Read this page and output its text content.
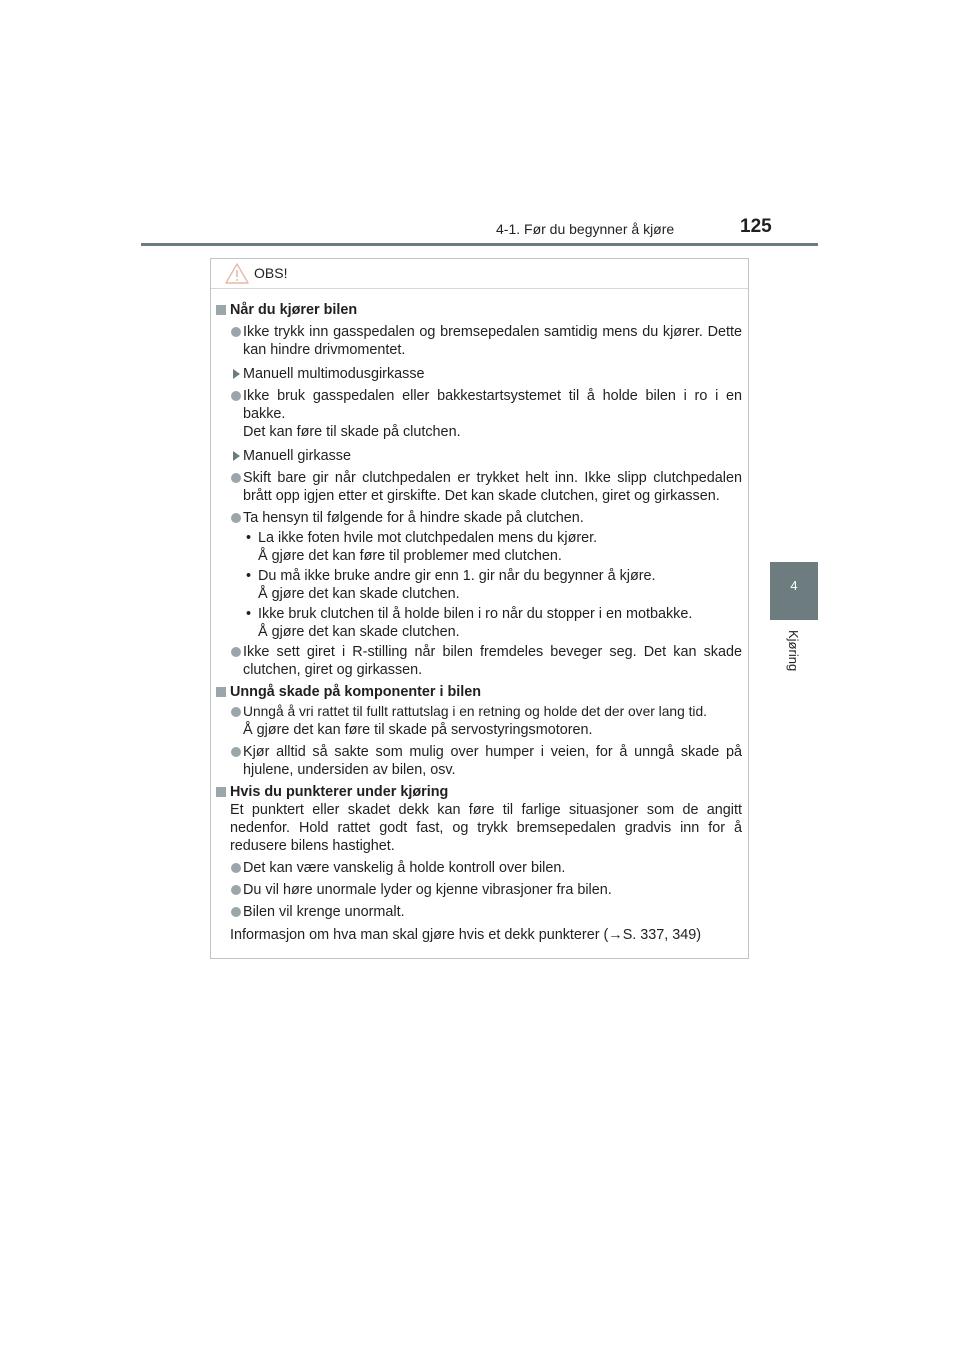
4-1. Før du begynner å kjøre	125
4
Kjøring
OBS!
Når du kjører bilen

Ikke trykk inn gasspedalen og bremsepedalen samtidig mens du kjører. Dette kan hindre drivmomentet.

Manuell multimodusgirkasse

Ikke bruk gasspedalen eller bakkestartsystemet til å holde bilen i ro i en bakke.

Det kan føre til skade på clutchen.

Manuell girkasse

Skift bare gir når clutchpedalen er trykket helt inn. Ikke slipp clutchpedalen brått opp igjen etter et girskifte. Det kan skade clutchen, giret og girkassen.

Ta hensyn til følgende for å hindre skade på clutchen.

• La ikke foten hvile mot clutchpedalen mens du kjører.

Å gjøre det kan føre til problemer med clutchen.

• Du må ikke bruke andre gir enn 1. gir når du begynner å kjøre.

Å gjøre det kan skade clutchen.

• Ikke bruk clutchen til å holde bilen i ro når du stopper i en motbakke.

Å gjøre det kan skade clutchen.

Ikke sett giret i R-stilling når bilen fremdeles beveger seg. Det kan skade clutchen, giret og girkassen.

Unngå skade på komponenter i bilen

Unngå å vri rattet til fullt rattutslag i en retning og holde det der over lang tid.

Å gjøre det kan føre til skade på servostyringsmotoren.

Kjør alltid så sakte som mulig over humper i veien, for å unngå skade på hjulene, undersiden av bilen, osv.

Hvis du punkterer under kjøring

Et punktert eller skadet dekk kan føre til farlige situasjoner som de angitt nedenfor. Hold rattet godt fast, og trykk bremsepedalen gradvis inn for å redusere bilens hastighet.

Det kan være vanskelig å holde kontroll over bilen.

Du vil høre unormale lyder og kjenne vibrasjoner fra bilen.

Bilen vil krenge unormalt.

Informasjon om hva man skal gjøre hvis et dekk punkterer (→S. 337, 349)
